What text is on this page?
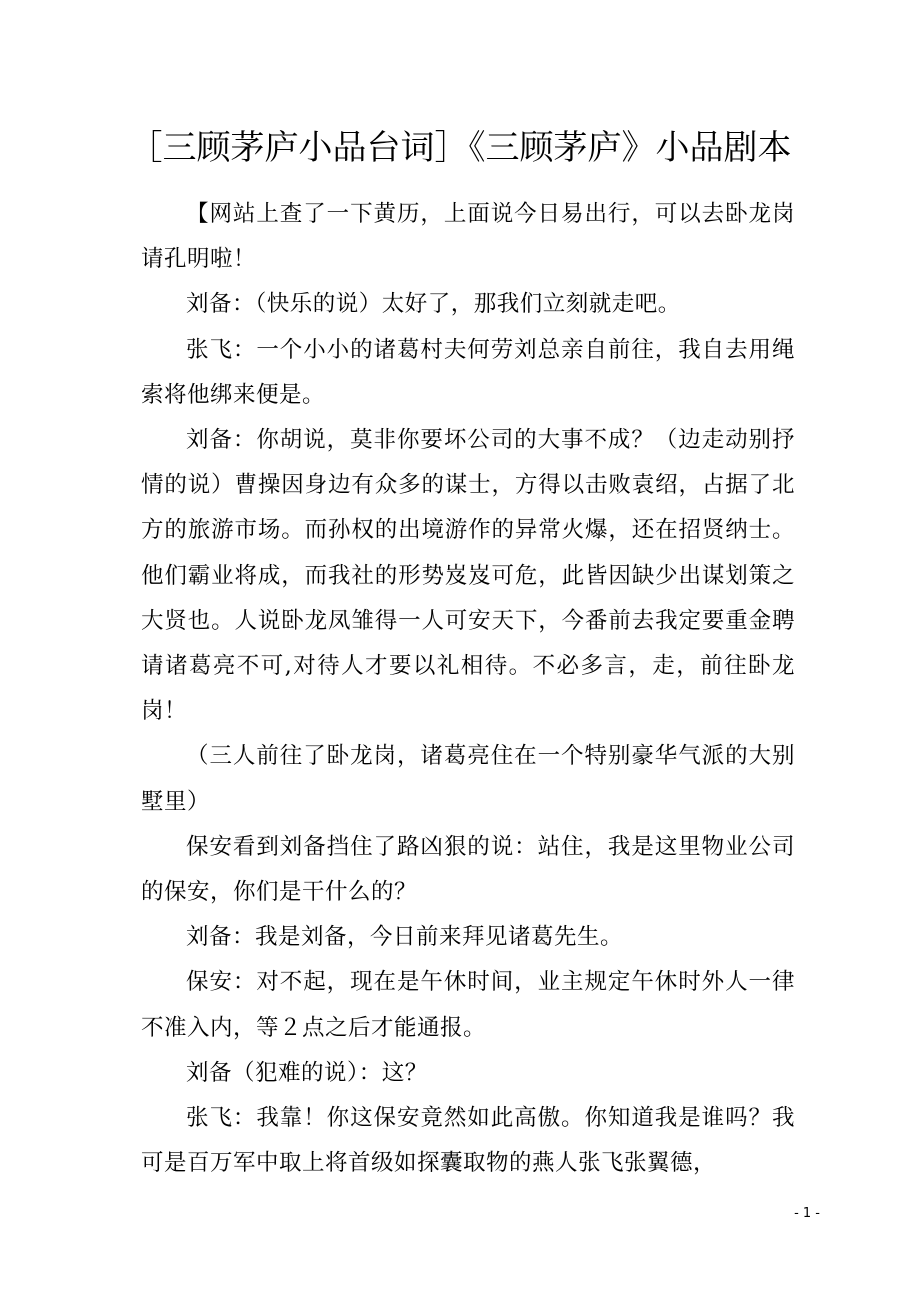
［三顾茅庐小品台词］《三顾茅庐》小品剧本

【网站上查了一下黄历，上面说今日易出行，可以去卧龙岗请孔明啦！

刘备：（快乐的说）太好了，那我们立刻就走吧。

张飞：一个小小的诸葛村夫何劳刘总亲自前往，我自去用绳索将他绑来便是。

刘备：你胡说，莫非你要坏公司的大事不成？（边走动别抒情的说）曹操因身边有众多的谋士，方得以击败袁绍，占据了北方的旅游市场。而孙权的出境游作的异常火爆，还在招贤纳士。他们霸业将成，而我社的形势岌岌可危，此皆因缺少出谋划策之大贤也。人说卧龙凤雏得一人可安天下，今番前去我定要重金聘请诸葛亮不可,对待人才要以礼相待。不必多言，走，前往卧龙岗！

（三人前往了卧龙岗，诸葛亮住在一个特别豪华气派的大别墅里）

保安看到刘备挡住了路凶狠的说：站住，我是这里物业公司的保安，你们是干什么的？

刘备：我是刘备，今日前来拜见诸葛先生。

保安：对不起，现在是午休时间，业主规定午休时外人一律不准入内，等２点之后才能通报。

刘备（犯难的说）：这？

张飞：我靠！你这保安竟然如此高傲。你知道我是谁吗？我可是百万军中取上将首级如探囊取物的燕人张飞张翼德，

- 1 -
